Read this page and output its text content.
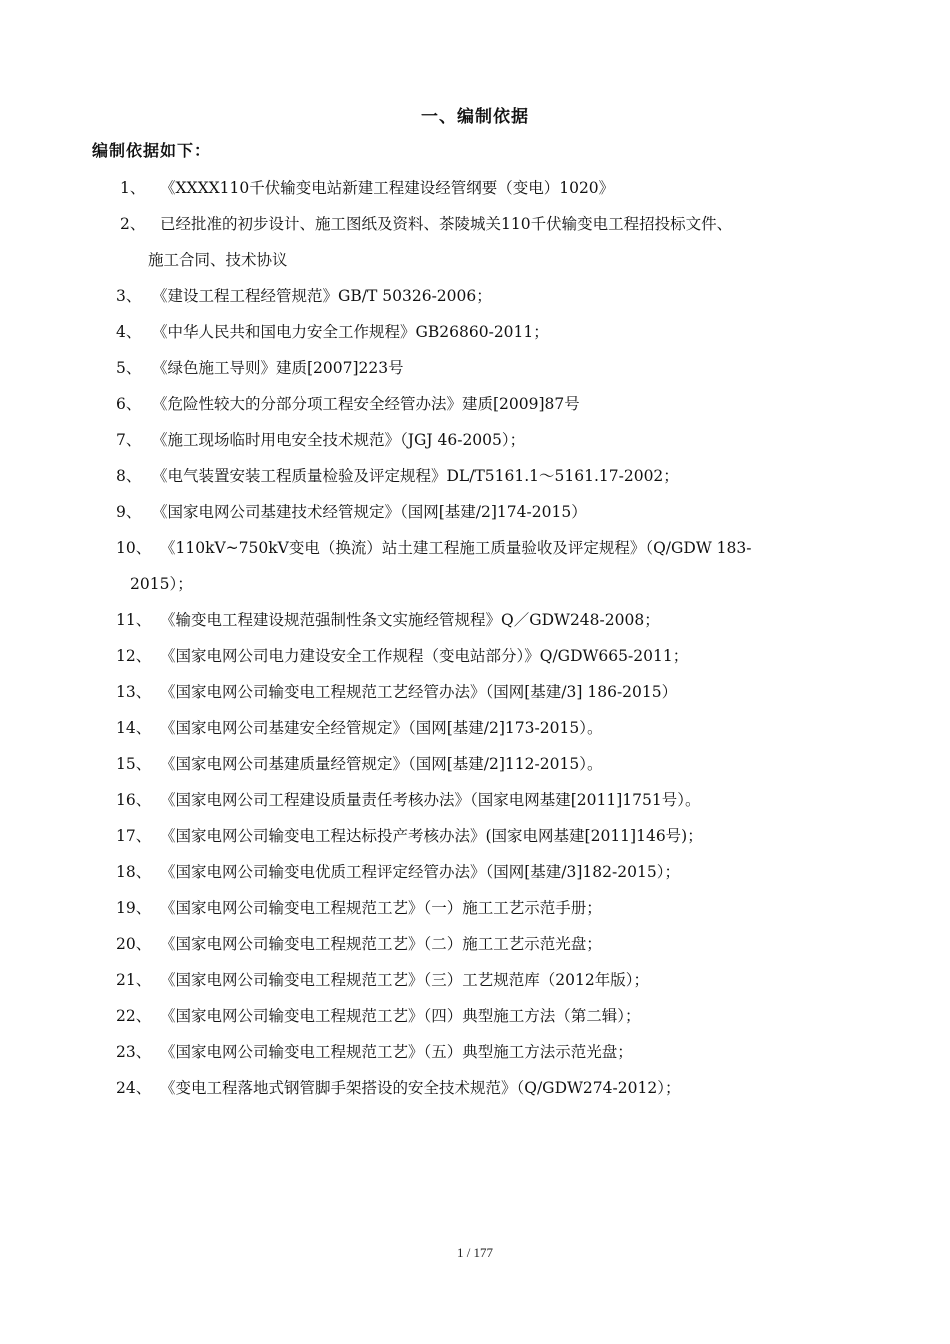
一、编制依据
编制依据如下：
1、 《XXXX110千伏输变电站新建工程建设经管纲要（变电）1020》
2、 已经批准的初步设计、施工图纸及资料、茶陵城关110千伏输变电工程招投标文件、
施工合同、技术协议
3、 《建设工程工程经管规范》GB/T 50326-2006；
4、 《中华人民共和国电力安全工作规程》GB26860-2011；
5、 《绿色施工导则》建质[2007]223号
6、 《危险性较大的分部分项工程安全经管办法》建质[2009]87号
7、 《施工现场临时用电安全技术规范》（JGJ 46-2005）；
8、 《电气装置安装工程质量检验及评定规程》DL/T5161.1～5161.17-2002；
9、 《国家电网公司基建技术经管规定》（国网[基建/2]174-2015）
10、 《110kV~750kV变电（换流）站土建工程施工质量验收及评定规程》（Q/GDW 183-
2015）；
11、 《输变电工程建设规范强制性条文实施经管规程》Q／GDW248-2008；
12、 《国家电网公司电力建设安全工作规程（变电站部分）》Q/GDW665-2011；
13、 《国家电网公司输变电工程规范工艺经管办法》（国网[基建/3] 186-2015）
14、 《国家电网公司基建安全经管规定》（国网[基建/2]173-2015）。
15、 《国家电网公司基建质量经管规定》（国网[基建/2]112-2015）。
16、 《国家电网公司工程建设质量责任考核办法》（国家电网基建[2011]1751号）。
17、 《国家电网公司输变电工程达标投产考核办法》(国家电网基建[2011]146号)；
18、 《国家电网公司输变电优质工程评定经管办法》（国网[基建/3]182-2015）；
19、 《国家电网公司输变电工程规范工艺》（一）施工工艺示范手册；
20、 《国家电网公司输变电工程规范工艺》（二）施工工艺示范光盘；
21、 《国家电网公司输变电工程规范工艺》（三）工艺规范库（2012年版）；
22、 《国家电网公司输变电工程规范工艺》（四）典型施工方法（第二辑）；
23、 《国家电网公司输变电工程规范工艺》（五）典型施工方法示范光盘；
24、 《变电工程落地式钢管脚手架搭设的安全技术规范》（Q/GDW274-2012）；
1 / 177
